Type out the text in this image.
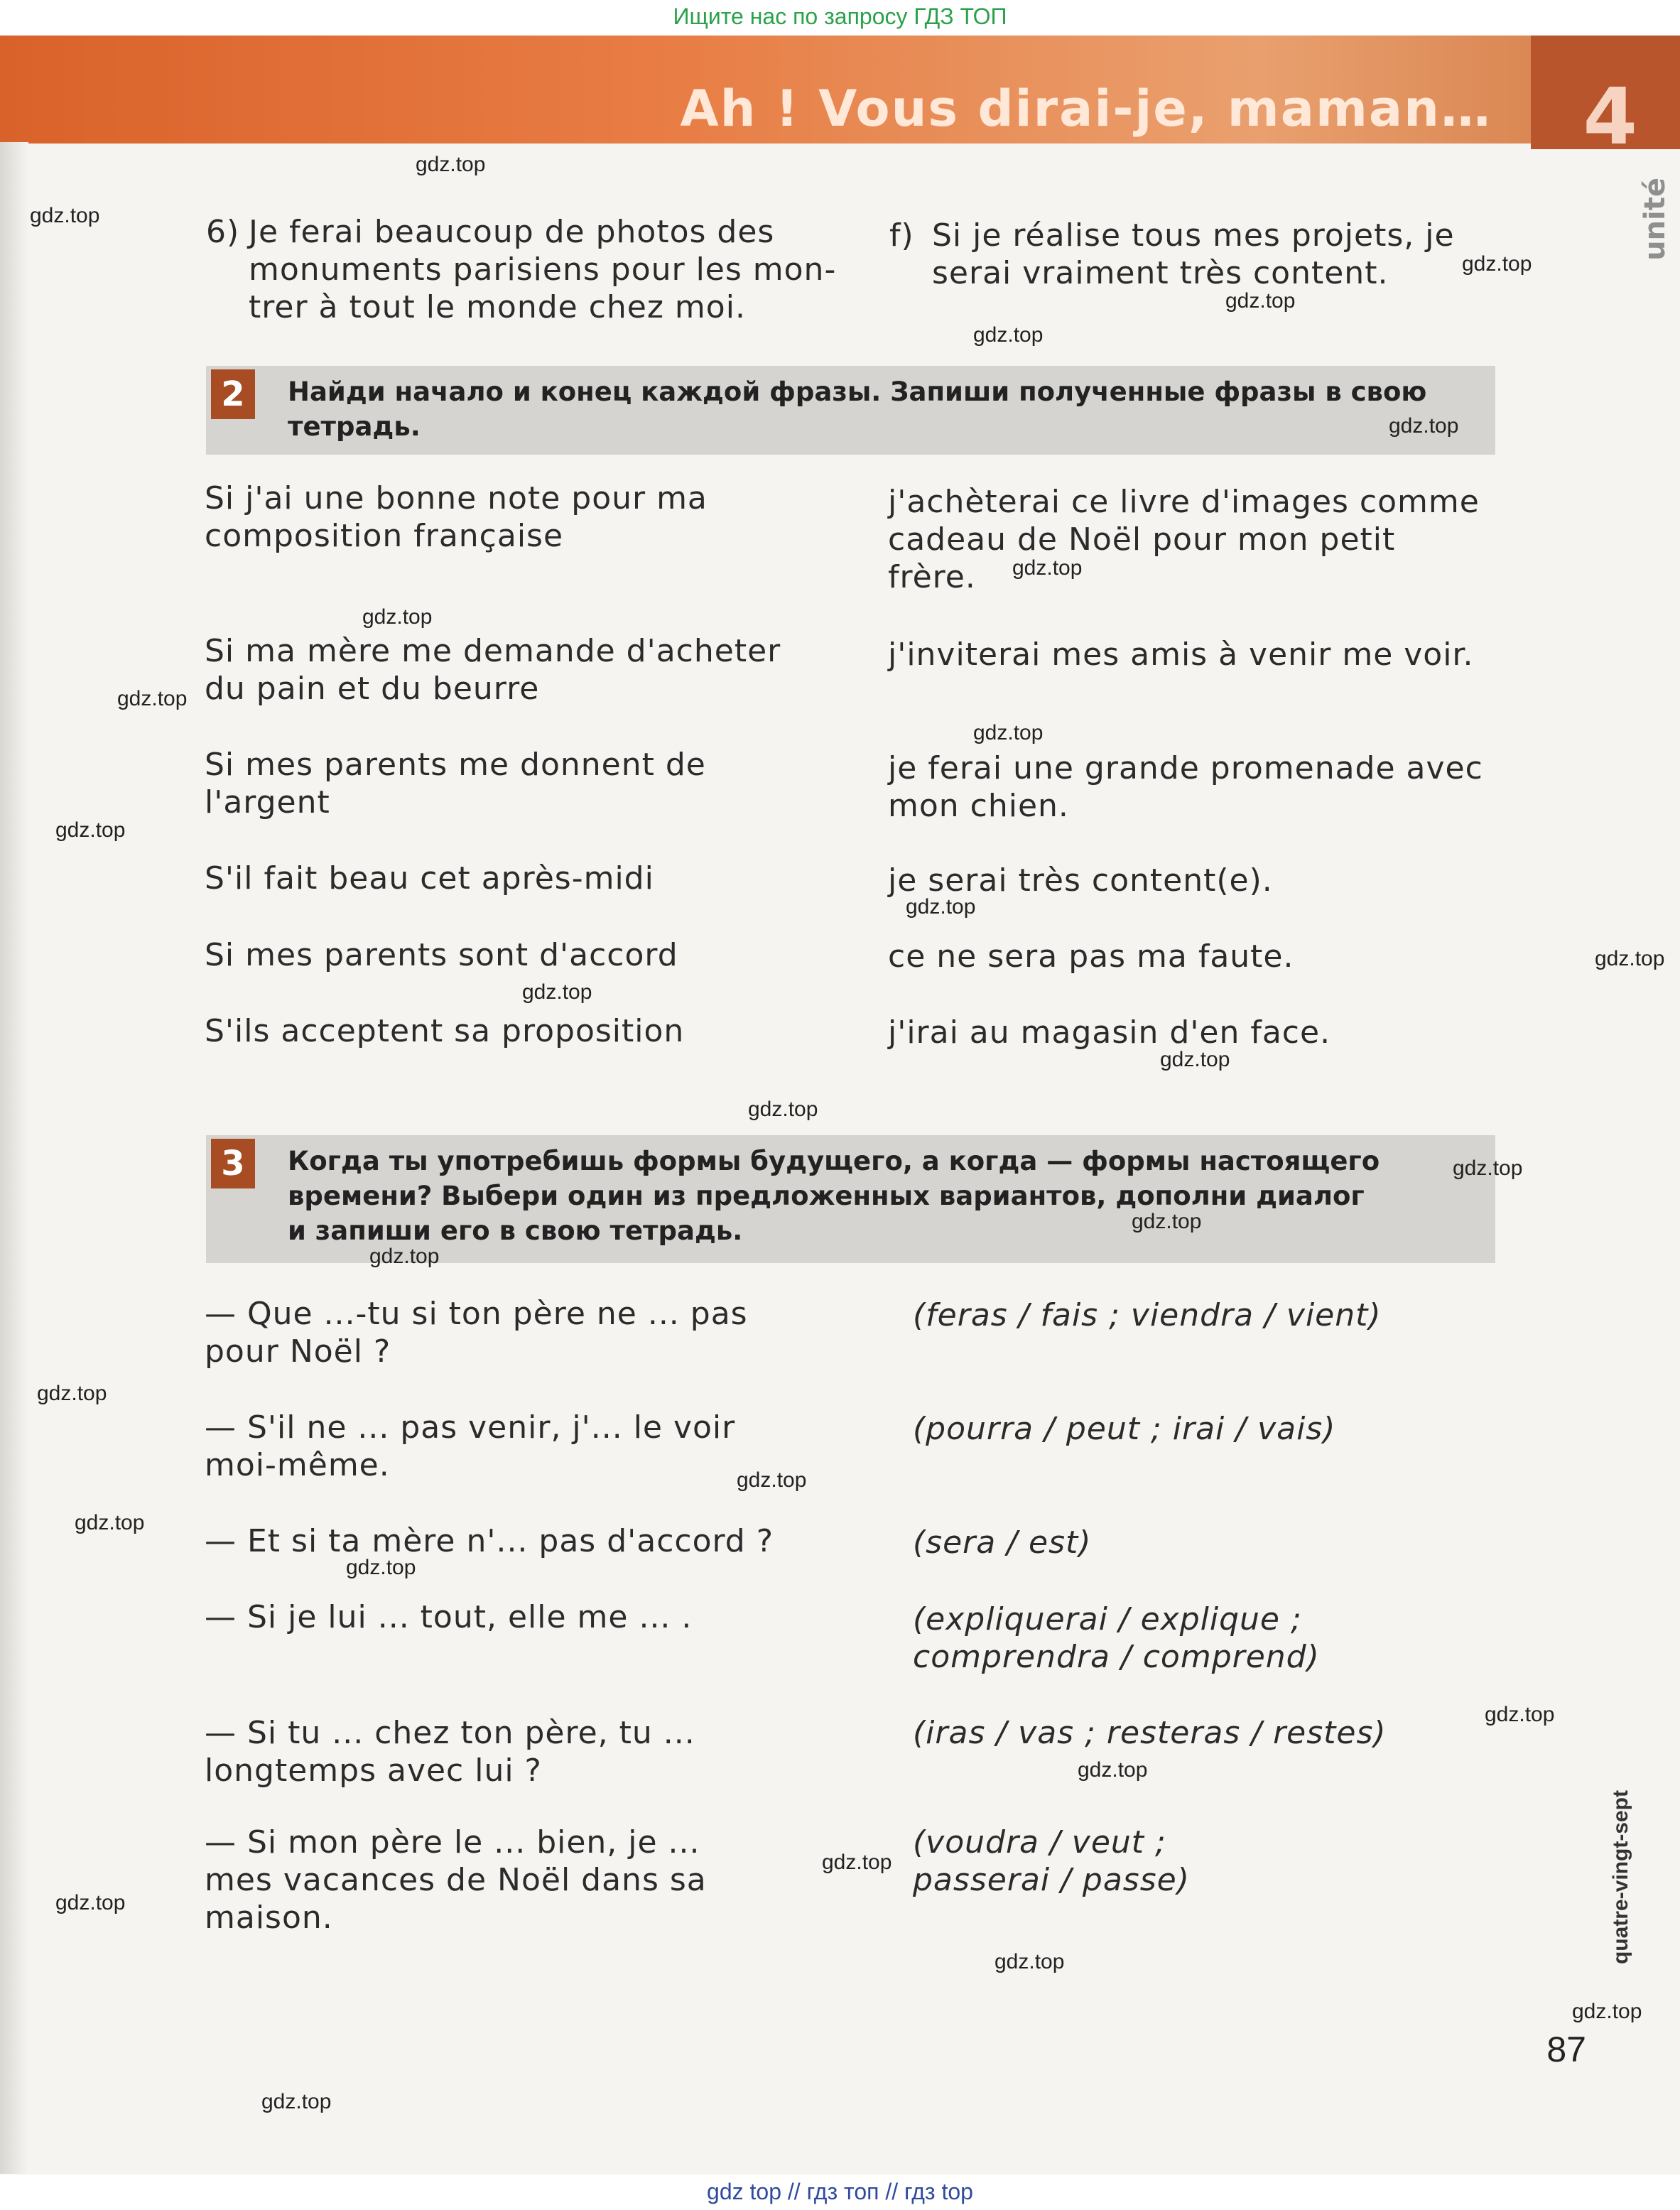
Ищите нас по запросу ГДЗ ТОП
Ah ! Vous dirai-je, maman… 4
unité
6) Je ferai beaucoup de photos des
monuments parisiens pour les mon-
trer à tout le monde chez moi.
f) Si je réalise tous mes projets, je
serai vraiment très content.
2	Найди начало и конец каждой фразы. Запиши полученные фразы в свою
тетрадь.
Si j'ai une bonne note pour ma
composition française
Si ma mère me demande d'acheter
du pain et du beurre
Si mes parents me donnent de
l'argent
S'il fait beau cet après-midi
Si mes parents sont d'accord
S'ils acceptent sa proposition
j'achèterai ce livre d'images comme
cadeau de Noël pour mon petit
frère.
j'inviterai mes amis à venir me voir.
je ferai une grande promenade avec
mon chien.
je serai très content(e).
ce ne sera pas ma faute.
j'irai au magasin d'en face.
3	Когда ты употребишь формы будущего, а когда — формы настоящего
времени? Выбери один из предложенных вариантов, дополни диалог
и запиши его в свою тетрадь.
— Que ...-tu si ton père ne ... pas
pour Noël ?
— S'il ne ... pas venir, j'... le voir
moi-même.
— Et si ta mère n'... pas d'accord ?
— Si je lui ... tout, elle me ... .
— Si tu ... chez ton père, tu ...
longtemps avec lui ?
— Si mon père le ... bien, je ...
mes vacances de Noël dans sa
maison.
(feras / fais ; viendra / vient)
(pourra / peut ; irai / vais)
(sera / est)
(expliquerai / explique ;
comprendra / comprend)
(iras / vas ; resteras / restes)
(voudra / veut ;
passerai / passe)
gdz.top
gdz.top
gdz.top
gdz.top
gdz.top
gdz.top
gdz.top
gdz.top
gdz.top
gdz.top
gdz.top
gdz.top
gdz.top
gdz.top
gdz.top
gdz.top
gdz.top
gdz.top
gdz.top
gdz.top
gdz.top
gdz.top
gdz.top
gdz.top
gdz.top
gdz.top
gdz.top
gdz.top
gdz.top
gdz.top
quatre-vingt-sept
87
gdz top // гдз топ // гдз top
